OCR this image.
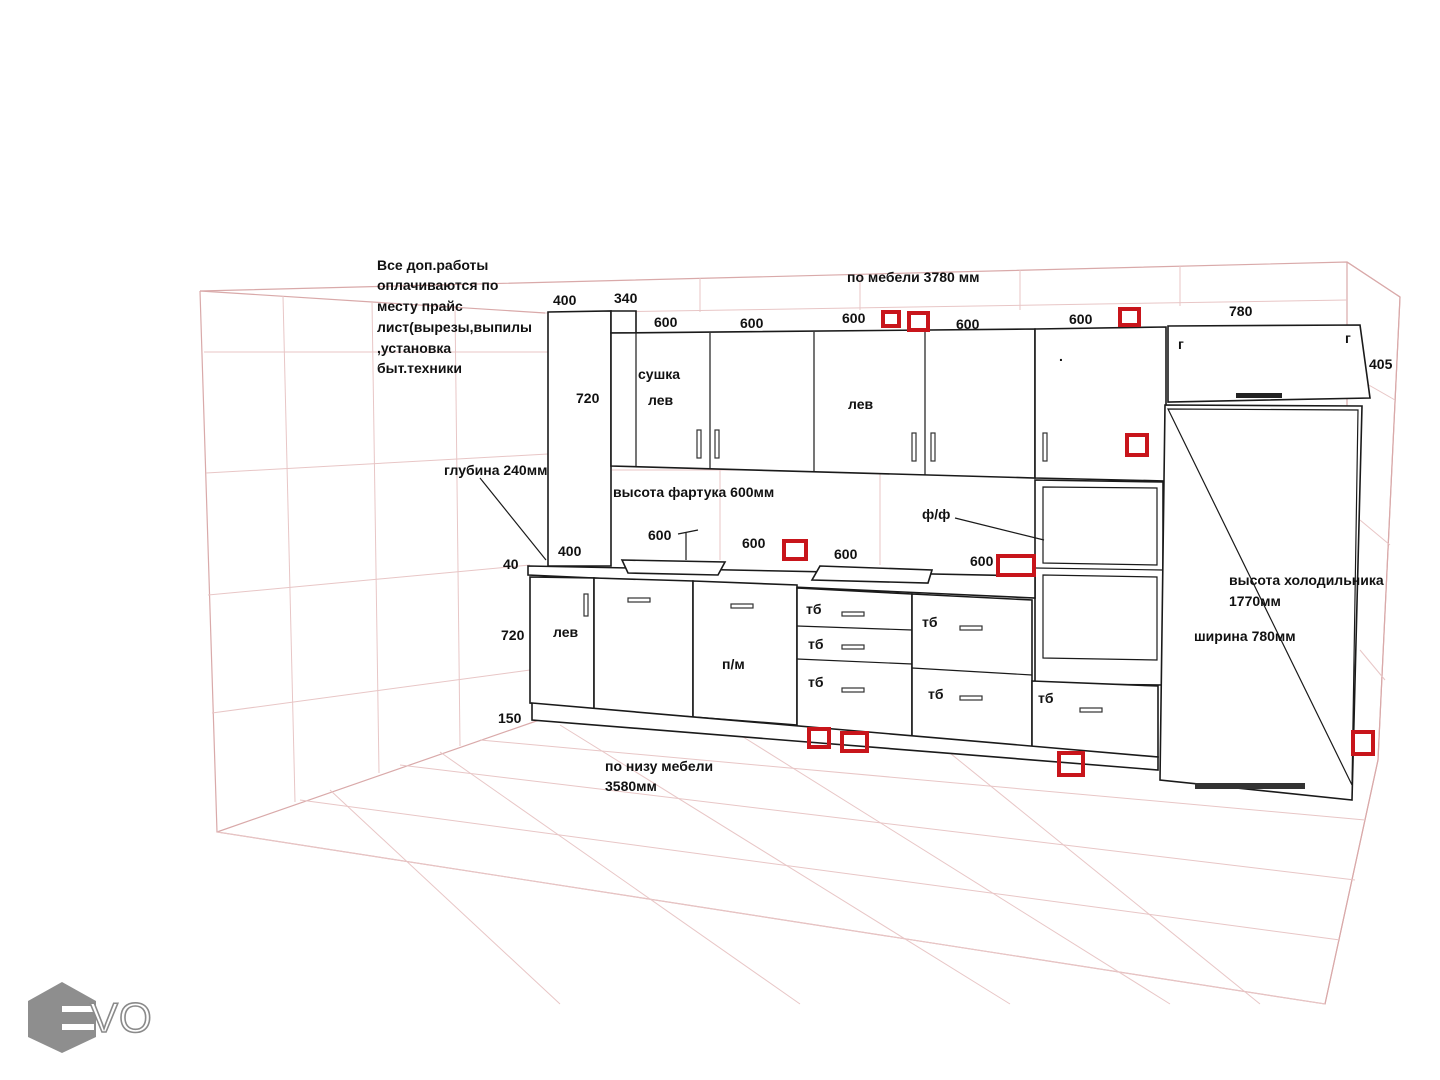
Все доп.работы
оплачиваются по
месту прайс
лист(вырезы,выпилы
,установка
быт.техники
по мебели 3780 мм
400	340
600	600	600	600	600	780
405
720
глубина 240мм
высота фартука 600мм
400
40
600	600
600	600
720
150
по низу мебели
3580мм
сушка
лев	лев
.
г	г
ф/ф
лев
п/м
тб
тб
тб
тб
тб	тб
высота холодильника
1770мм
ширина 780мм
VO
